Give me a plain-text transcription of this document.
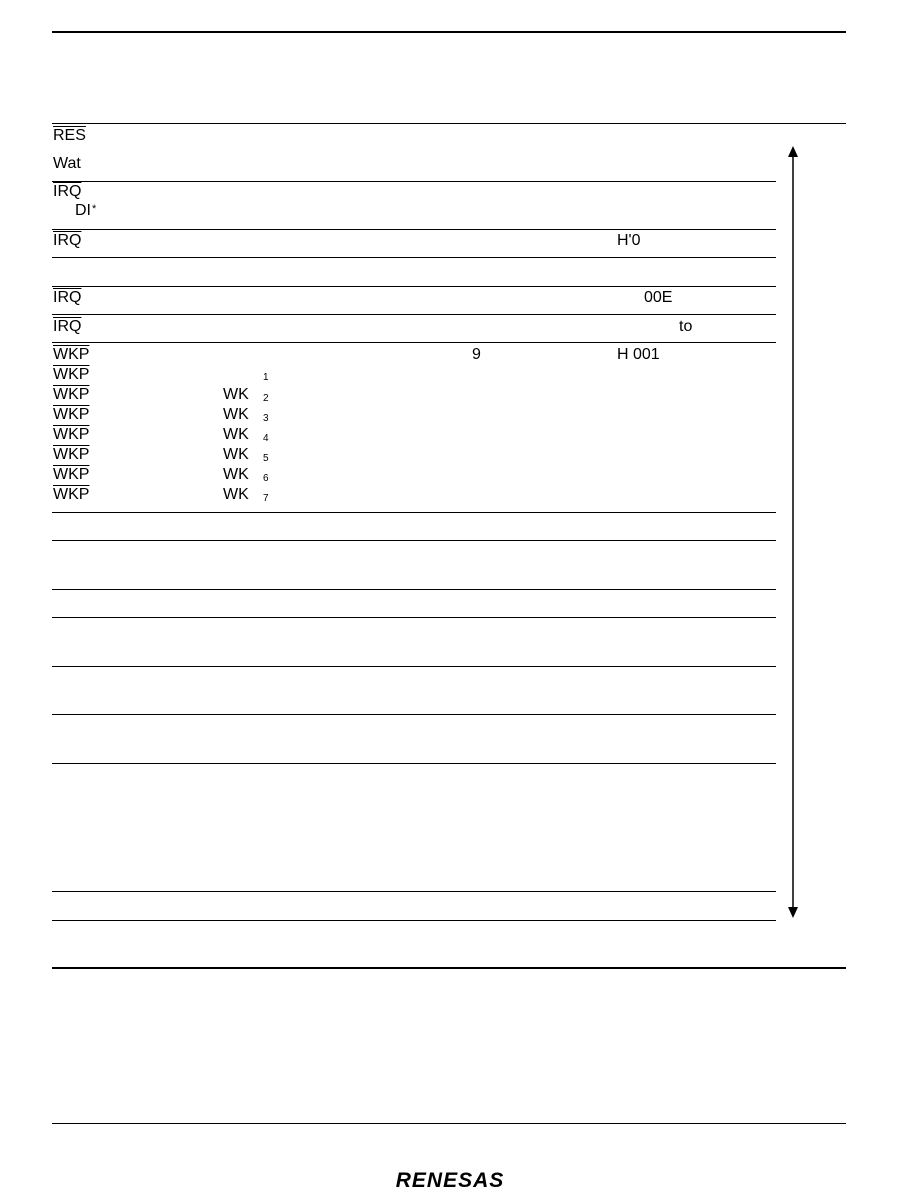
$\overline{RES}$
Wat
$\overline{IRQ}$
DI*
$\overline{IRQ}$	H'0
$\overline{IRQ}$	00E
$\overline{IRQ}$	to
$\overline{WKP}$	9	H 001
$\overline{WKP}$	1
$\overline{WKP}$	WK 2
$\overline{WKP}$	WK 3
$\overline{WKP}$	WK 4
$\overline{WKP}$	WK 5
$\overline{WKP}$	WK 6
$\overline{WKP}$	WK 7
RENESAS
